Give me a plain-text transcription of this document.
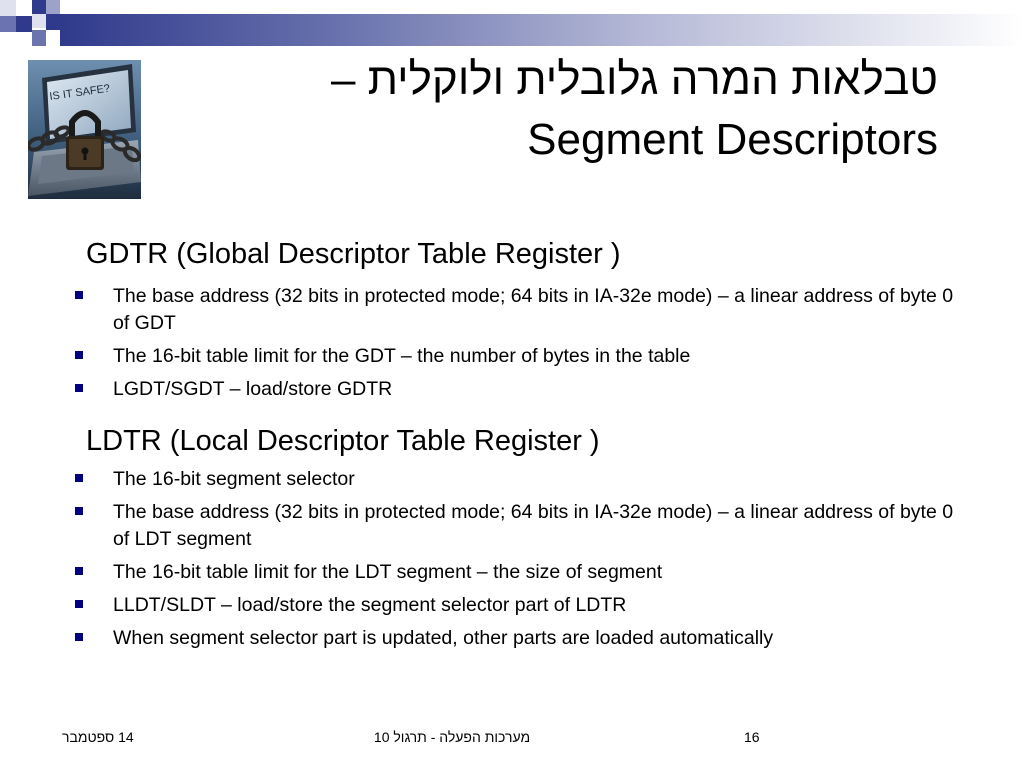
IS IT SAFE?	טבלאות המרה גלובלית ולוקלית –
Segment Descriptors
GDTR (Global Descriptor Table Register )
The base address (32 bits in protected mode; 64 bits in IA-32e mode) – a linear address of byte 0 of GDT
The 16-bit table limit for the GDT – the number of bytes in the table
LGDT/SGDT – load/store GDTR
LDTR (Local Descriptor Table Register )
The 16-bit segment selector
The base address (32 bits in protected mode; 64 bits in IA-32e mode) – a linear address of byte 0 of LDT segment
The 16-bit table limit for the LDT segment – the size of segment
LLDT/SLDT – load/store the segment selector part of LDTR
When segment selector part is updated, other parts are loaded automatically
14 ספטמבר	מערכות הפעלה - תרגול 10	16
